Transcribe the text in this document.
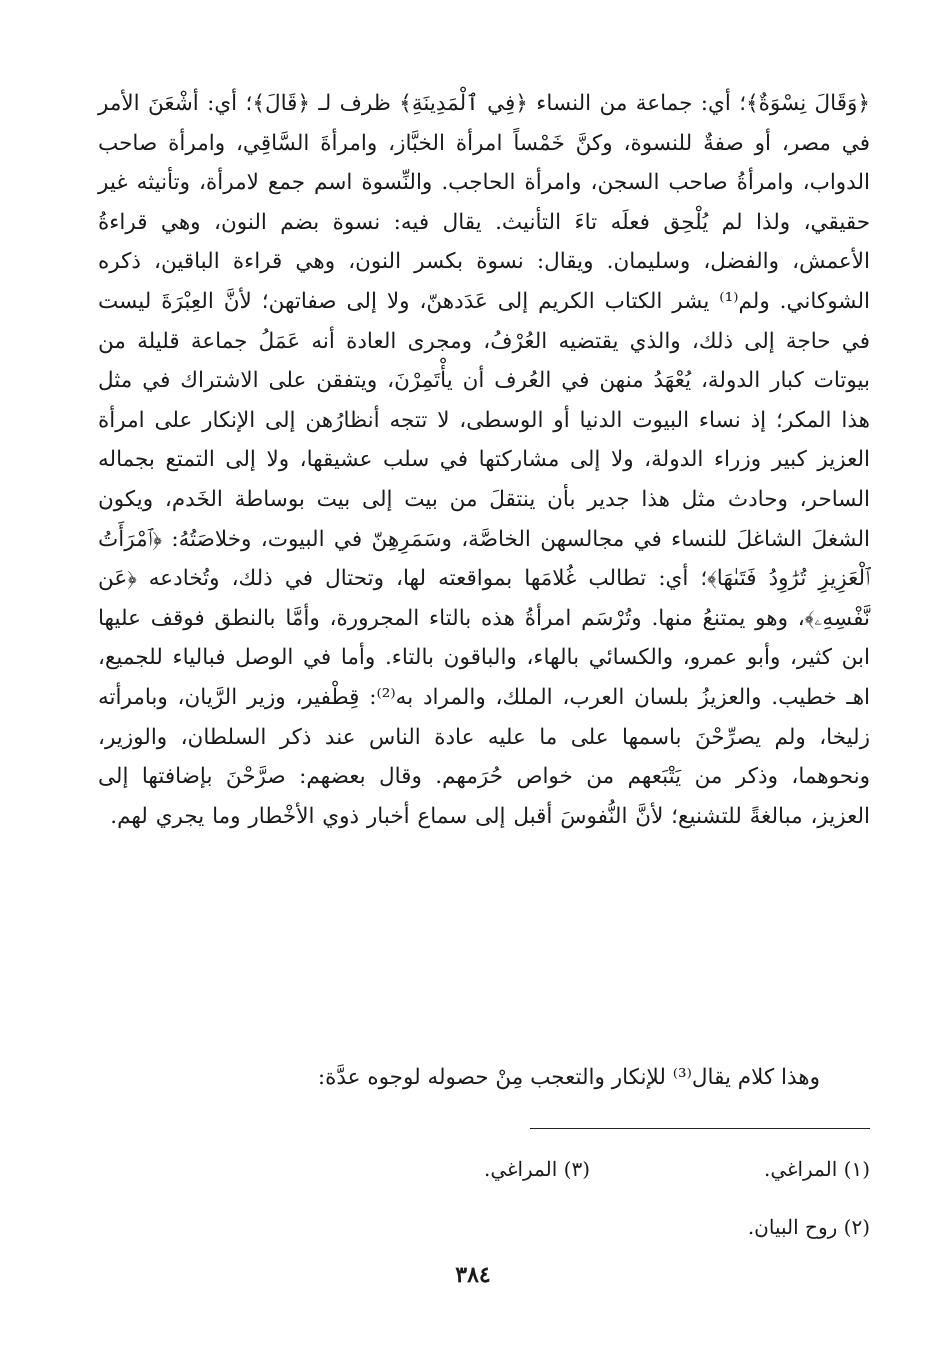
﴿وَقَالَ نِسْوَةٌ﴾؛ أي: جماعة من النساء ﴿فِي ٱلْمَدِينَةِ﴾ ظرف لـ ﴿قَالَ﴾؛ أي: أشْعَنَ الأمر في مصر، أو صفةٌ للنسوة، وكنَّ خَمْساً امرأة الخبَّاز، وامرأةَ السَّاقِي، وامرأة صاحب الدواب، وامرأةُ صاحب السجن، وامرأة الحاجب. والنِّسوة اسم جمع لامرأة، وتأنيثه غير حقيقي، ولذا لم يُلْحِق فعلَه تاءَ التأنيث. يقال فيه: نسوة بضم النون، وهي قراءةُ الأعمش، والفضل، وسليمان. ويقال: نسوة بكسر النون، وهي قراءة الباقين، ذكره الشوكاني. ولم⁽¹⁾ يشر الكتاب الكريم إلى عَدَدهنّ، ولا إلى صفاتهن؛ لأنَّ العِبْرَةَ ليست في حاجة إلى ذلك، والذي يقتضيه العُرْفُ، ومجرى العادة أنه عَمَلُ جماعة قليلة من بيوتات كبار الدولة، يُعْهَدُ منهن في العُرف أن يأْتَمِرْنَ، ويتفقن على الاشتراك في مثل هذا المكر؛ إذ نساء البيوت الدنيا أو الوسطى، لا تتجه أنظارُهن إلى الإنكار على امرأة العزيز كبير وزراء الدولة، ولا إلى مشاركتها في سلب عشيقها، ولا إلى التمتع بجماله الساحر، وحادث مثل هذا جدير بأن ينتقلَ من بيت إلى بيت بوساطة الخَدم، ويكون الشغلَ الشاغلَ للنساء في مجالسهن الخاصَّة، وسَمَرِهِنّ في البيوت، وخلاصَتُهُ: ﴿ٱمْرَأَتُ ٱلْعَزِيزِ تُرَٰوِدُ فَتَىٰهَا﴾؛ أي: تطالب غُلامَها بمواقعته لها، وتحتال في ذلك، وتُخادعه ﴿عَن نَّفْسِهِۦ﴾، وهو يمتنعُ منها. وتُرْسَم امرأةُ هذه بالتاء المجرورة، وأمَّا بالنطق فوقف عليها ابن كثير، وأبو عمرو، والكسائي بالهاء، والباقون بالتاء. وأما في الوصل فبالياء للجميع، اهـ خطيب. والعزيزُ بلسان العرب، الملك، والمراد به⁽²⁾: قِطْفير، وزير الرَّيان، وبامرأته زليخا، ولم يصرِّحْنَ باسمها على ما عليه عادة الناس عند ذكر السلطان، والوزير، ونحوهما، وذكر من يَتْبَعهم من خواص حُرَمهم. وقال بعضهم: صرَّحْنَ بإضافتها إلى العزيز، مبالغةً للتشنيع؛ لأنَّ النُّفوسَ أقبل إلى سماع أخبار ذوي الأخْطار وما يجري لهم.

وهذا كلام يقال⁽³⁾ للإنكار والتعجب مِنْ حصوله لوجوه عدَّة:
(١) المراغي.
(٣) المراغي.
(٢) روح البيان.
٣٨٤
